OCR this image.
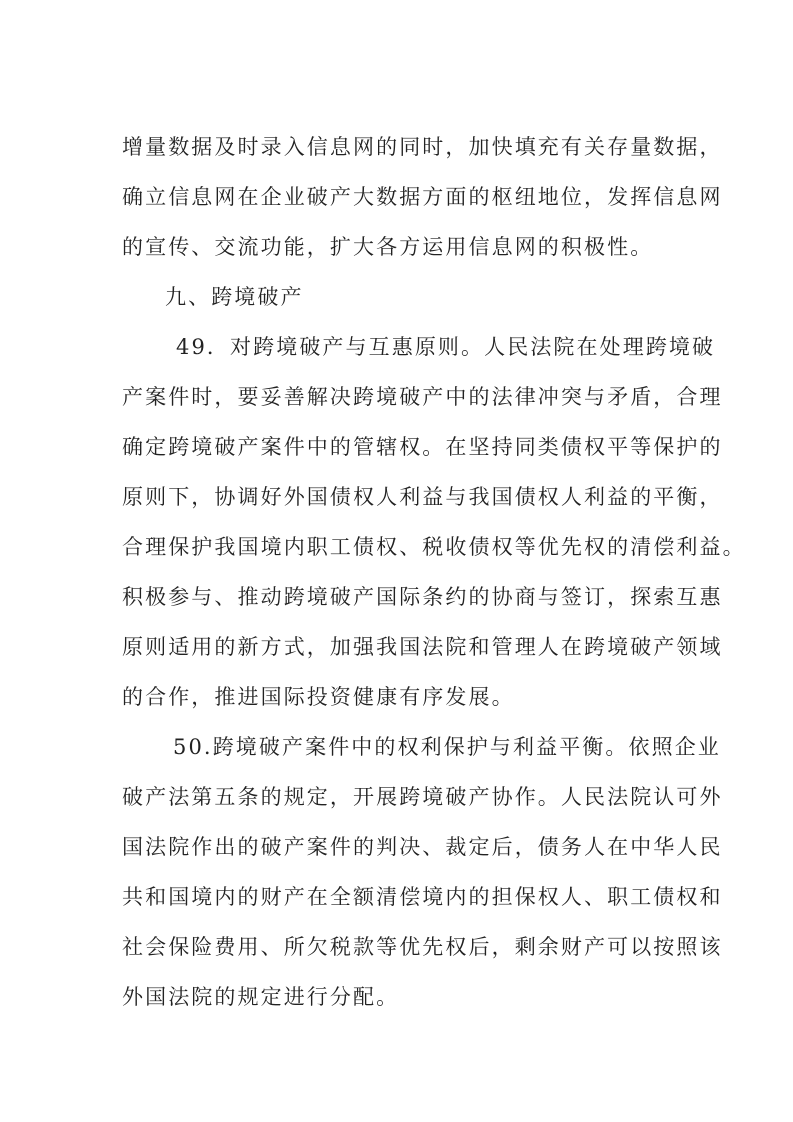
增量数据及时录入信息网的同时，加快填充有关存量数据，
确立信息网在企业破产大数据方面的枢纽地位，发挥信息网
的宣传、交流功能，扩大各方运用信息网的积极性。
九、跨境破产
49．对跨境破产与互惠原则。人民法院在处理跨境破
产案件时，要妥善解决跨境破产中的法律冲突与矛盾，合理
确定跨境破产案件中的管辖权。在坚持同类债权平等保护的
原则下，协调好外国债权人利益与我国债权人利益的平衡，
合理保护我国境内职工债权、税收债权等优先权的清偿利益。
积极参与、推动跨境破产国际条约的协商与签订，探索互惠
原则适用的新方式，加强我国法院和管理人在跨境破产领域
的合作，推进国际投资健康有序发展。
50.跨境破产案件中的权利保护与利益平衡。依照企业
破产法第五条的规定，开展跨境破产协作。人民法院认可外
国法院作出的破产案件的判决、裁定后，债务人在中华人民
共和国境内的财产在全额清偿境内的担保权人、职工债权和
社会保险费用、所欠税款等优先权后，剩余财产可以按照该
外国法院的规定进行分配。
